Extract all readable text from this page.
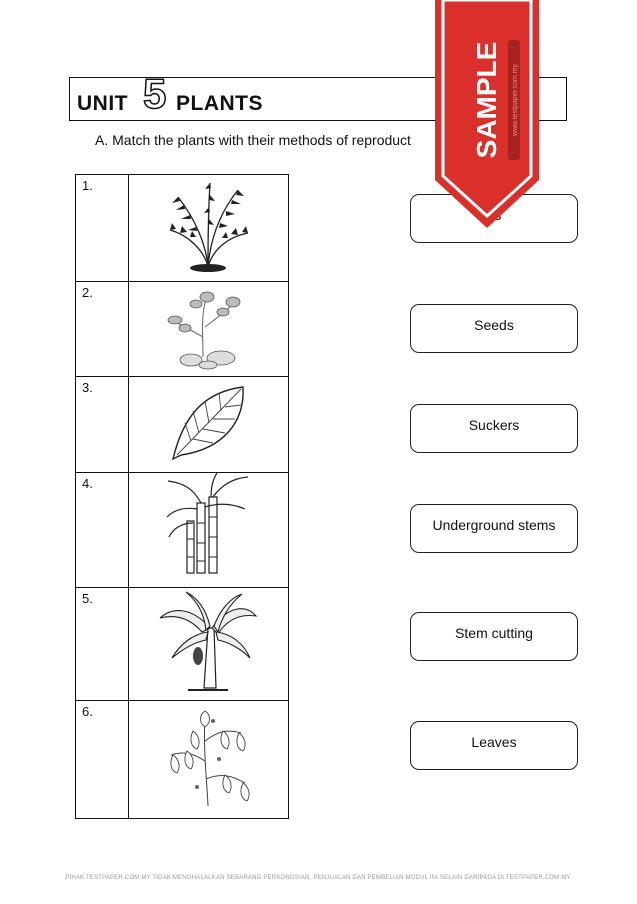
UNIT 5 PLANTS
A. Match the plants with their methods of reproduct
1.

2.

3.

4.

5.

6.

Seeds
Suckers
Underground stems
Stem cutting
Leaves
SAMPLE www.testpaper.com.my
PIHAK TESTPAPER.COM.MY TIDAK MENGHALALKAN SEBARANG PERKONGSIAN, PENJUALAN DAN PEMBELIAN MODUL INI SELAIN DARIPADA DI TESTPAPER.COM.MY.
